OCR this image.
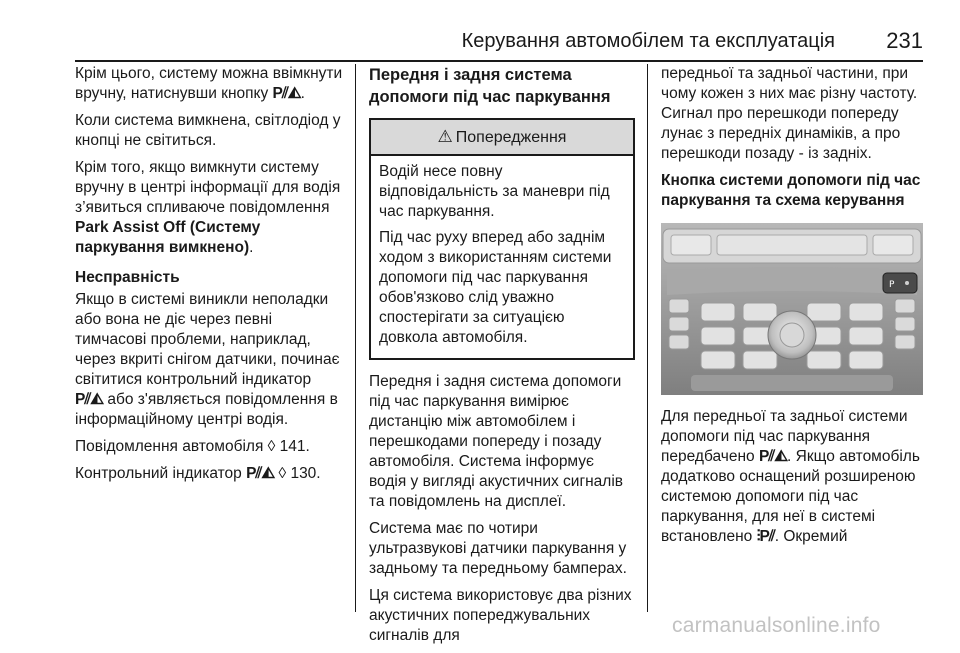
Керування автомобілем та експлуатація 231

Крім цього, систему можна ввімкнути вручну, натиснувши кнопку P⫽◭.

Коли система вимкнена, світлодіод у кнопці не світиться.

Крім того, якщо вимкнути систему вручну в центрі інформації для водія з’явиться спливаюче повідомлення Park Assist Off (Систему паркування вимкнено).

Несправність

Якщо в системі виникли неполадки або вона не діє через певні тимчасові проблеми, наприклад, через вкриті снігом датчики, починає світитися контрольний індикатор P⫽◭ або з'являється повідомлення в інформаційному центрі водія.

Повідомлення автомобіля ◊ 141.

Контрольний індикатор P⫽◭ ◊ 130.

Передня і задня система допомоги під час паркування
⚠ Попередження

Водій несе повну відповідальність за маневри під час паркування.

Під час руху вперед або заднім ходом з використанням системи допомоги під час паркування обов'язково слід уважно спостерігати за ситуацією довкола автомобіля.

Передня і задня система допомоги під час паркування вимірює дистанцію між автомобілем і перешкодами попереду і позаду автомобіля. Система інформує водія у вигляді акустичних сигналів та повідомлень на дисплеї.

Система має по чотири ультразвукові датчики паркування у задньому та передньому бамперах.

Ця система використовує два різних акустичних попереджувальних сигналів для

передньої та задньої частини, при чому кожен з них має різну частоту. Сигнал про перешкоди попереду лунає з передніх динаміків, а про перешкоди позаду - із задніх.

Кнопка системи допомоги під час паркування та схема керування
P

Для передньої та задньої системи допомоги під час паркування передбачено P⫽◭. Якщо автомобіль додатково оснащений розширеною системою допомоги під час паркування, для неї в системі встановлено ⫶P⫽. Окремий

carmanualsonline.info
